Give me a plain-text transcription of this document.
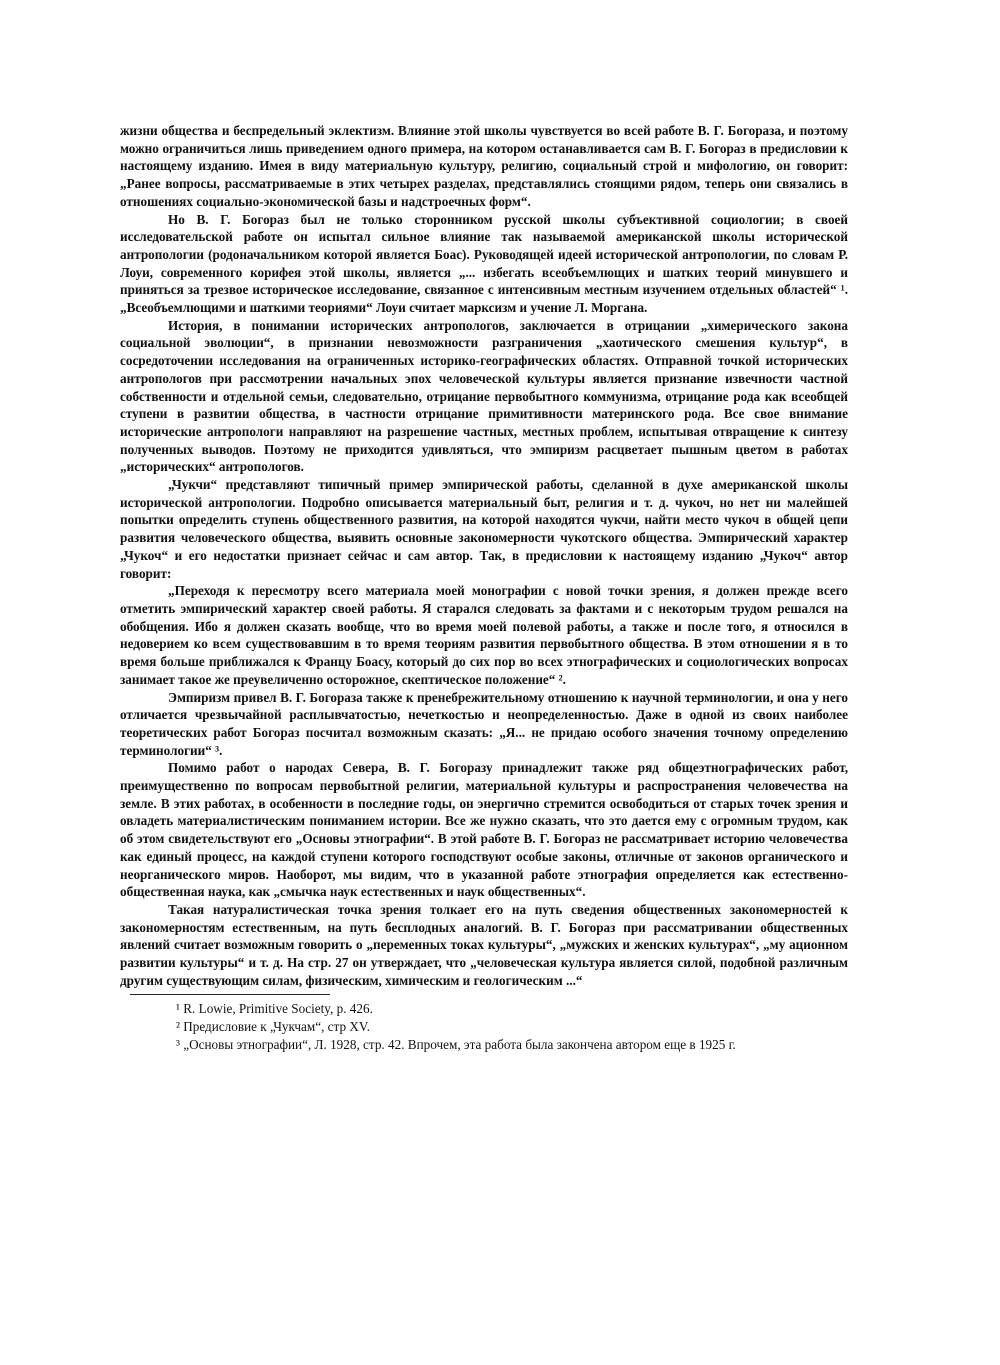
жизни общества и беспредельный эклектизм. Влияние этой школы чувствуется во всей работе В. Г. Богораза, и поэтому можно ограничиться лишь приведением одного примера, на котором останавливается сам В. Г. Богораз в предисловии к настоящему изданию. Имея в виду материальную культуру, религию, социальный строй и мифологию, он говорит: „Ранее вопросы, рассматриваемые в этих четырех разделах, представлялись стоящими рядом, теперь они связались в отношениях социально-экономической базы и надстроечных форм“.

Но В. Г. Богораз был не только сторонником русской школы субъективной социологии; в своей исследовательской работе он испытал сильное влияние так называемой американской школы исторической антропологии (родоначальником которой является Боас). Руководящей идеей исторической антропологии, по словам Р. Лоуи, современного корифея этой школы, является „... избегать всеобъемлющих и шатких теорий минувшего и приняться за трезвое историческое исследование, связанное с интенсивным местным изучением отдельных областей“ ¹. „Всеобъемлющими и шаткими теориями“ Лоуи считает марксизм и учение Л. Моргана.

История, в понимании исторических антропологов, заключается в отрицании „химерического закона социальной эволюции“, в признании невозможности разграничения „хаотического смешения культур“, в сосредоточении исследования на ограниченных историко-географических областях. Отправной точкой исторических антропологов при рассмотрении начальных эпох человеческой культуры является признание извечности частной собственности и отдельной семьи, следовательно, отрицание первобытного коммунизма, отрицание рода как всеобщей ступени в развитии общества, в частности отрицание примитивности материнского рода. Все свое внимание исторические антропологи направляют на разрешение частных, местных проблем, испытывая отвращение к синтезу полученных выводов. Поэтому не приходится удивляться, что эмпиризм расцветает пышным цветом в работах „исторических“ антропологов.

„Чукчи“ представляют типичный пример эмпирической работы, сделанной в духе американской школы исторической антропологии. Подробно описывается материальный быт, религия и т. д. чукоч, но нет ни малейшей попытки определить ступень общественного развития, на которой находятся чукчи, найти место чукоч в общей цепи развития человеческого общества, выявить основные закономерности чукотского общества. Эмпирический характер „Чукоч“ и его недостатки признает сейчас и сам автор. Так, в предисловии к настоящему изданию „Чукоч“ автор говорит:

„Переходя к пересмотру всего материала моей монографии с новой точки зрения, я должен прежде всего отметить эмпирический характер своей работы. Я старался следовать за фактами и с некоторым трудом решался на обобщения. Ибо я должен сказать вообще, что во время моей полевой работы, а также и после того, я относился в недоверием ко всем существовавшим в то время теориям развития первобытного общества. В этом отношении я в то время больше приближался к Францу Боасу, который до сих пор во всех этнографических и социологических вопросах занимает такое же преувеличенно осторожное, скептическое положение“ ².

Эмпиризм привел В. Г. Богораза также к пренебрежительному отношению к научной терминологии, и она у него отличается чрезвычайной расплывчатостью, нечеткостью и неопределенностью. Даже в одной из своих наиболее теоретических работ Богораз посчитал возможным сказать: „Я... не придаю особого значения точному определению терминологии“ ³.

Помимо работ о народах Севера, В. Г. Богоразу принадлежит также ряд общеэтнографических работ, преимущественно по вопросам первобытной религии, материальной культуры и распространения человечества на земле. В этих работах, в особенности в последние годы, он энергично стремится освободиться от старых точек зрения и овладеть материалистическим пониманием истории. Все же нужно сказать, что это дается ему с огромным трудом, как об этом свидетельствуют его „Основы этнографии“. В этой работе В. Г. Богораз не рассматривает историю человечества как единый процесс, на каждой ступени которого господствуют особые законы, отличные от законов органического и неорганического миров. Наоборот, мы видим, что в указанной работе этнография определяется как естественно-общественная наука, как „смычка наук естественных и наук общественных“.

Такая натуралистическая точка зрения толкает его на путь сведения общественных закономерностей к закономерностям естественным, на путь бесплодных аналогий. В. Г. Богораз при рассматривании общественных явлений считает возможным говорить о „переменных токах культуры“, „мужских и женских культурах“, „му ационном развитии культуры“ и т. д. На стр. 27 он утверждает, что „человеческая культура является силой, подобной различным другим существующим силам, физическим, химическим и геологическим ...“

¹ R. Lowie, Primitive Society, p. 426.

² Предисловие к „Чукчам“, стр XV.

³ „Основы этнографии“, Л. 1928, стр. 42. Впрочем, эта работа была закончена автором еще в 1925 г.
